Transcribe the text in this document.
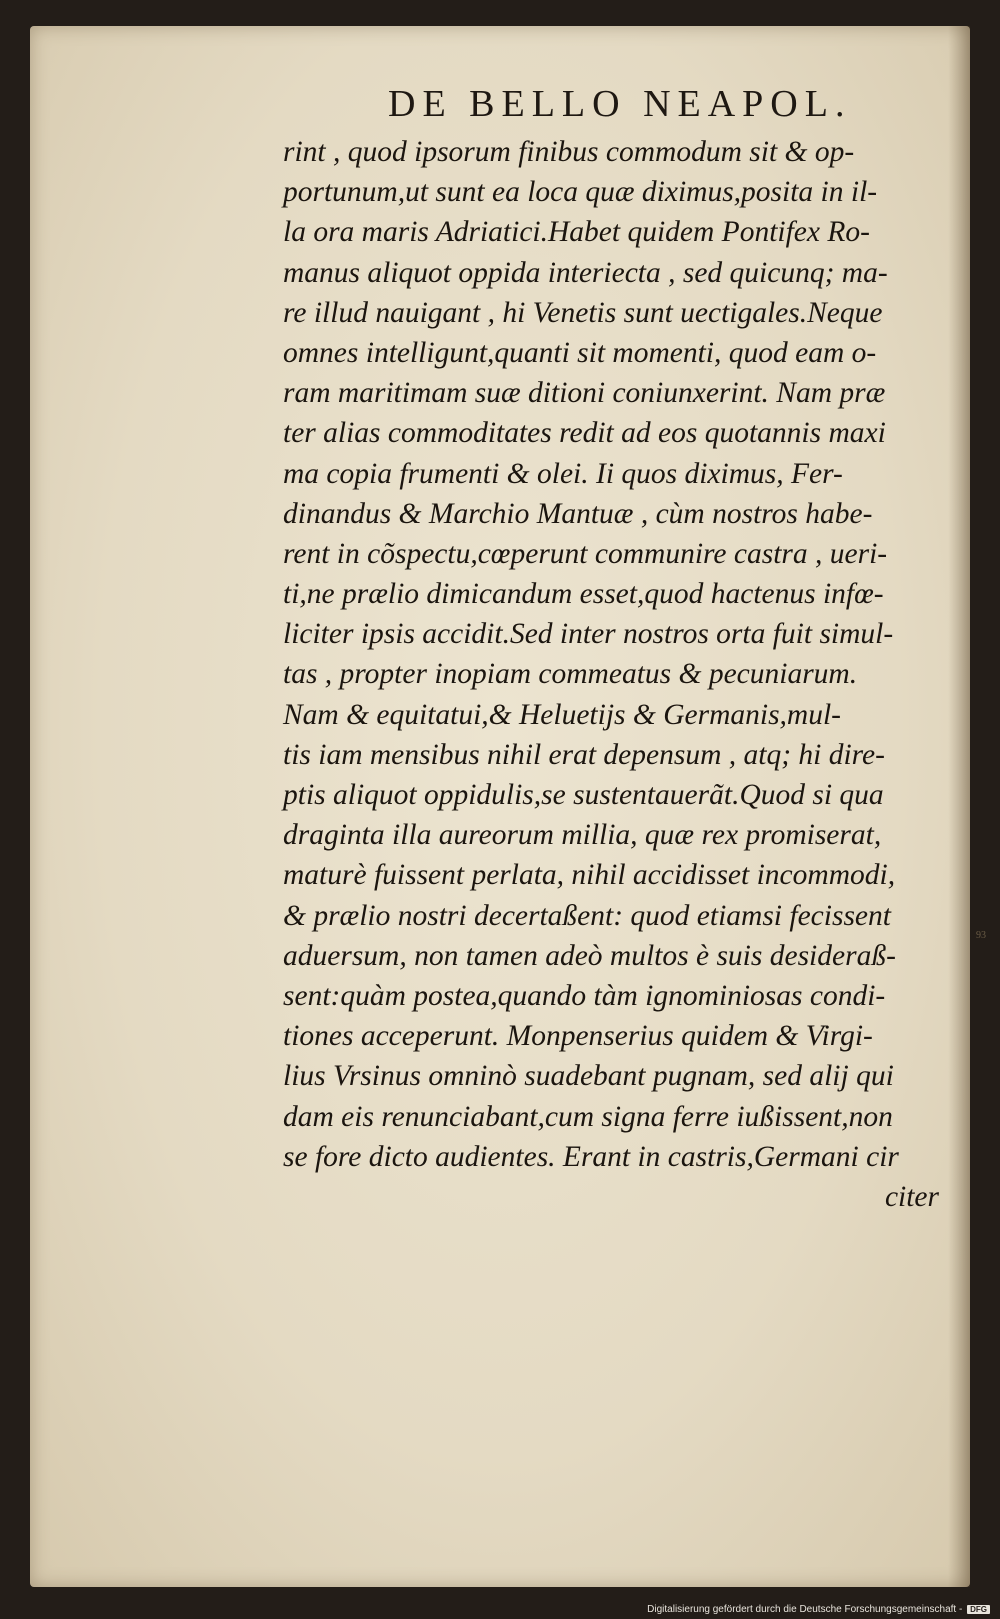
DE BELLO NEAPOL.
rint , quod ipsorum finibus commodum sit & op-
portunum,ut sunt ea loca quæ diximus,posita in il-
la ora maris Adriatici.Habet quidem Pontifex Ro-
manus aliquot oppida interiecta , sed quicunq; ma-
re illud nauigant , hi Venetis sunt uectigales.Neque
omnes intelligunt,quanti sit momenti, quod eam o-
ram maritimam suæ ditioni coniunxerint. Nam præ
ter alias commoditates redit ad eos quotannis maxi
ma copia frumenti & olei. Ii quos diximus, Fer-
dinandus & Marchio Mantuæ , cùm nostros habe-
rent in cõspectu,cœperunt communire castra , ueri-
ti,ne prælio dimicandum esset,quod hactenus infœ-
liciter ipsis accidit.Sed inter nostros orta fuit simul-
tas , propter inopiam commeatus & pecuniarum.
Nam & equitatui,& Heluetijs & Germanis,mul-
tis iam mensibus nihil erat depensum , atq; hi dire-
ptis aliquot oppidulis,se sustentauerãt.Quod si qua
draginta illa aureorum millia, quæ rex promiserat,
maturè fuissent perlata, nihil accidisset incommodi,
& prælio nostri decertaßent: quod etiamsi fecissent
aduersum, non tamen adeò multos è suis desideraß-
sent:quàm postea,quando tàm ignominiosas condi-
tiones acceperunt. Monpenserius quidem & Virgi-
lius Vrsinus omninò suadebant pugnam, sed alij qui
dam eis renunciabant,cum signa ferre iußissent,non
se fore dicto audientes. Erant in castris,Germani cir
citer
93
Digitalisierung gefördert durch die Deutsche Forschungsgemeinschaft - DFG
